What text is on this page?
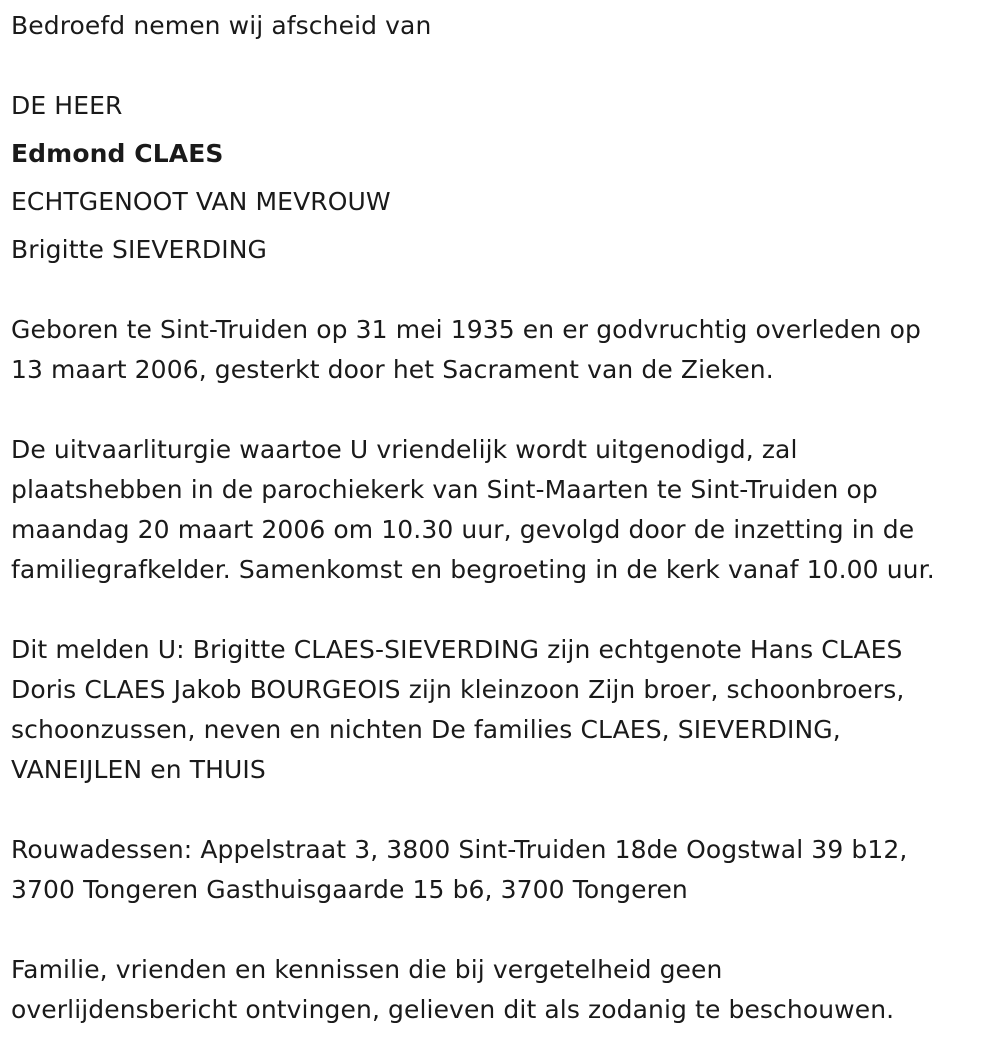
Bedroefd nemen wij afscheid van
DE HEER
Edmond CLAES
ECHTGENOOT VAN MEVROUW
Brigitte SIEVERDING
Geboren te Sint-Truiden op 31 mei 1935 en er godvruchtig overleden op
13 maart 2006, gesterkt door het Sacrament van de Zieken.
De uitvaarliturgie waartoe U vriendelijk wordt uitgenodigd, zal
plaatshebben in de parochiekerk van Sint-Maarten te Sint-Truiden op
maandag 20 maart 2006 om 10.30 uur, gevolgd door de inzetting in de
familiegrafkelder. Samenkomst en begroeting in de kerk vanaf 10.00 uur.
Dit melden U: Brigitte CLAES-SIEVERDING zijn echtgenote Hans CLAES
Doris CLAES Jakob BOURGEOIS zijn kleinzoon Zijn broer, schoonbroers,
schoonzussen, neven en nichten De families CLAES, SIEVERDING,
VANEIJLEN en THUIS
Rouwadessen: Appelstraat 3, 3800 Sint-Truiden 18de Oogstwal 39 b12,
3700 Tongeren Gasthuisgaarde 15 b6, 3700 Tongeren
Familie, vrienden en kennissen die bij vergetelheid geen
overlijdensbericht ontvingen, gelieven dit als zodanig te beschouwen.
